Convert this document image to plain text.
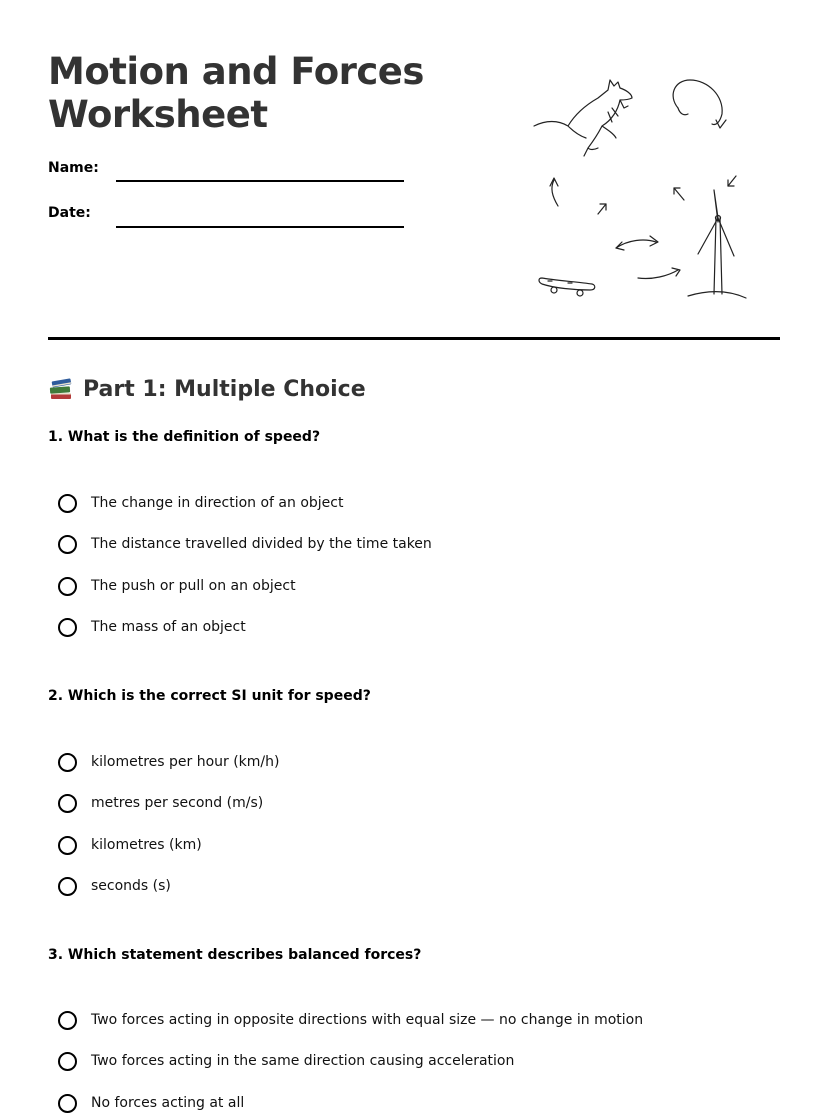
Motion and Forces Worksheet
Name:
Date:
Part 1: Multiple Choice
1. What is the definition of speed?
The change in direction of an object
The distance travelled divided by the time taken
The push or pull on an object
The mass of an object
2. Which is the correct SI unit for speed?
kilometres per hour (km/h)
metres per second (m/s)
kilometres (km)
seconds (s)
3. Which statement describes balanced forces?
Two forces acting in opposite directions with equal size — no change in motion
Two forces acting in the same direction causing acceleration
No forces acting at all
